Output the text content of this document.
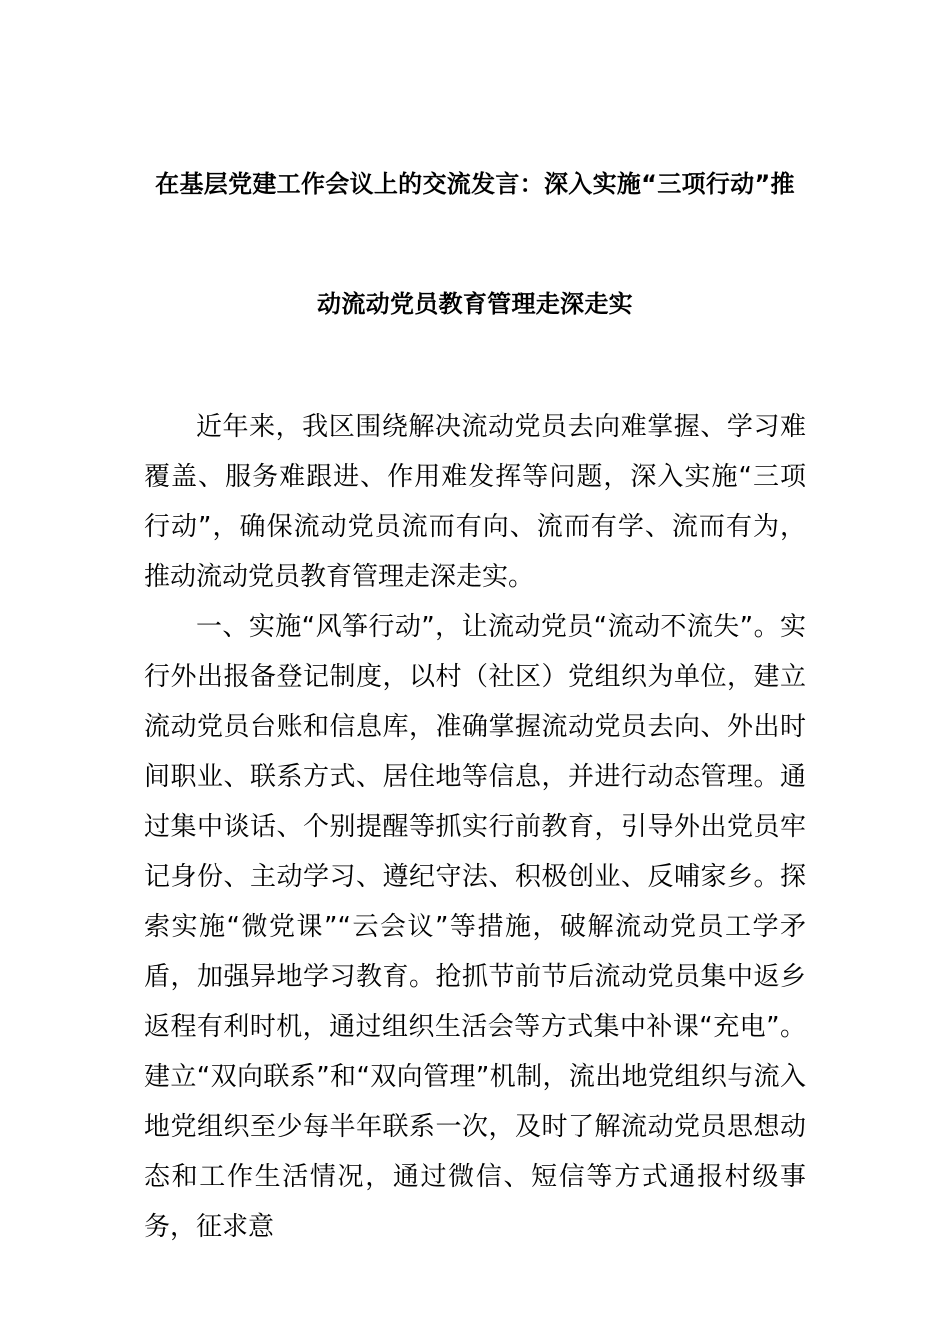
在基层党建工作会议上的交流发言：深入实施“三项行动”推
动流动党员教育管理走深走实

近年来，我区围绕解决流动党员去向难掌握、学习难覆盖、服务难跟进、作用难发挥等问题，深入实施“三项行动”，确保流动党员流而有向、流而有学、流而有为，推动流动党员教育管理走深走实。

一、实施“风筝行动”，让流动党员“流动不流失”。实行外出报备登记制度，以村（社区）党组织为单位，建立流动党员台账和信息库，准确掌握流动党员去向、外出时间职业、联系方式、居住地等信息，并进行动态管理。通过集中谈话、个别提醒等抓实行前教育，引导外出党员牢记身份、主动学习、遵纪守法、积极创业、反哺家乡。探索实施“微党课”“云会议”等措施，破解流动党员工学矛盾，加强异地学习教育。抢抓节前节后流动党员集中返乡返程有利时机，通过组织生活会等方式集中补课“充电”。建立“双向联系”和“双向管理”机制，流出地党组织与流入地党组织至少每半年联系一次，及时了解流动党员思想动态和工作生活情况，通过微信、短信等方式通报村级事务，征求意
